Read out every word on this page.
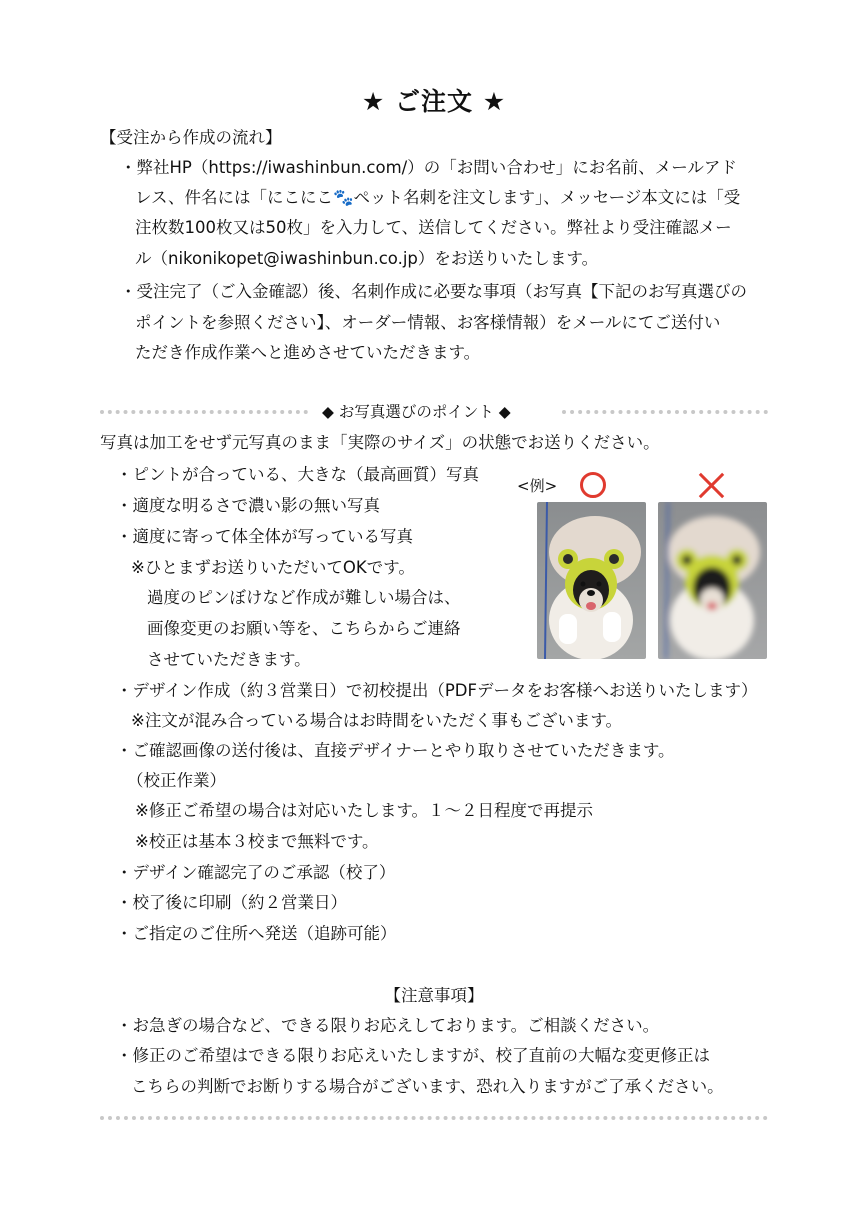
★ ご注文 ★
【受注から作成の流れ】
・弊社HP（https://iwashinbun.com/）の「お問い合わせ」にお名前、メールアド
レス、件名には「にこにこ🐾ペット名刺を注文します」、メッセージ本文には「受
注枚数100枚又は50枚」を入力して、送信してください。弊社より受注確認メー
ル（nikonikopet@iwashinbun.co.jp）をお送りいたします。
・受注完了（ご入金確認）後、名刺作成に必要な事項（お写真【下記のお写真選びの
ポイントを参照ください】、オーダー情報、お客様情報）をメールにてご送付い
ただき作成作業へと進めさせていただきます。
◆ お写真選びのポイント ◆
写真は加工をせず元写真のまま「実際のサイズ」の状態でお送りください。
・ピントが合っている、大きな（最高画質）写真
・適度な明るさで濃い影の無い写真
・適度に寄って体全体が写っている写真
※ひとまずお送りいただいてOKです。
過度のピンぼけなど作成が難しい場合は、
画像変更のお願い等を、こちらからご連絡
させていただきます。
<例>
・デザイン作成（約３営業日）で初校提出（PDFデータをお客様へお送りいたします）
※注文が混み合っている場合はお時間をいただく事もございます。
・ご確認画像の送付後は、直接デザイナーとやり取りさせていただきます。
（校正作業）
※修正ご希望の場合は対応いたします。１～２日程度で再提示
※校正は基本３校まで無料です。
・デザイン確認完了のご承認（校了）
・校了後に印刷（約２営業日）
・ご指定のご住所へ発送（追跡可能）
【注意事項】
・お急ぎの場合など、できる限りお応えしております。ご相談ください。
・修正のご希望はできる限りお応えいたしますが、校了直前の大幅な変更修正は
こちらの判断でお断りする場合がございます、恐れ入りますがご了承ください。
